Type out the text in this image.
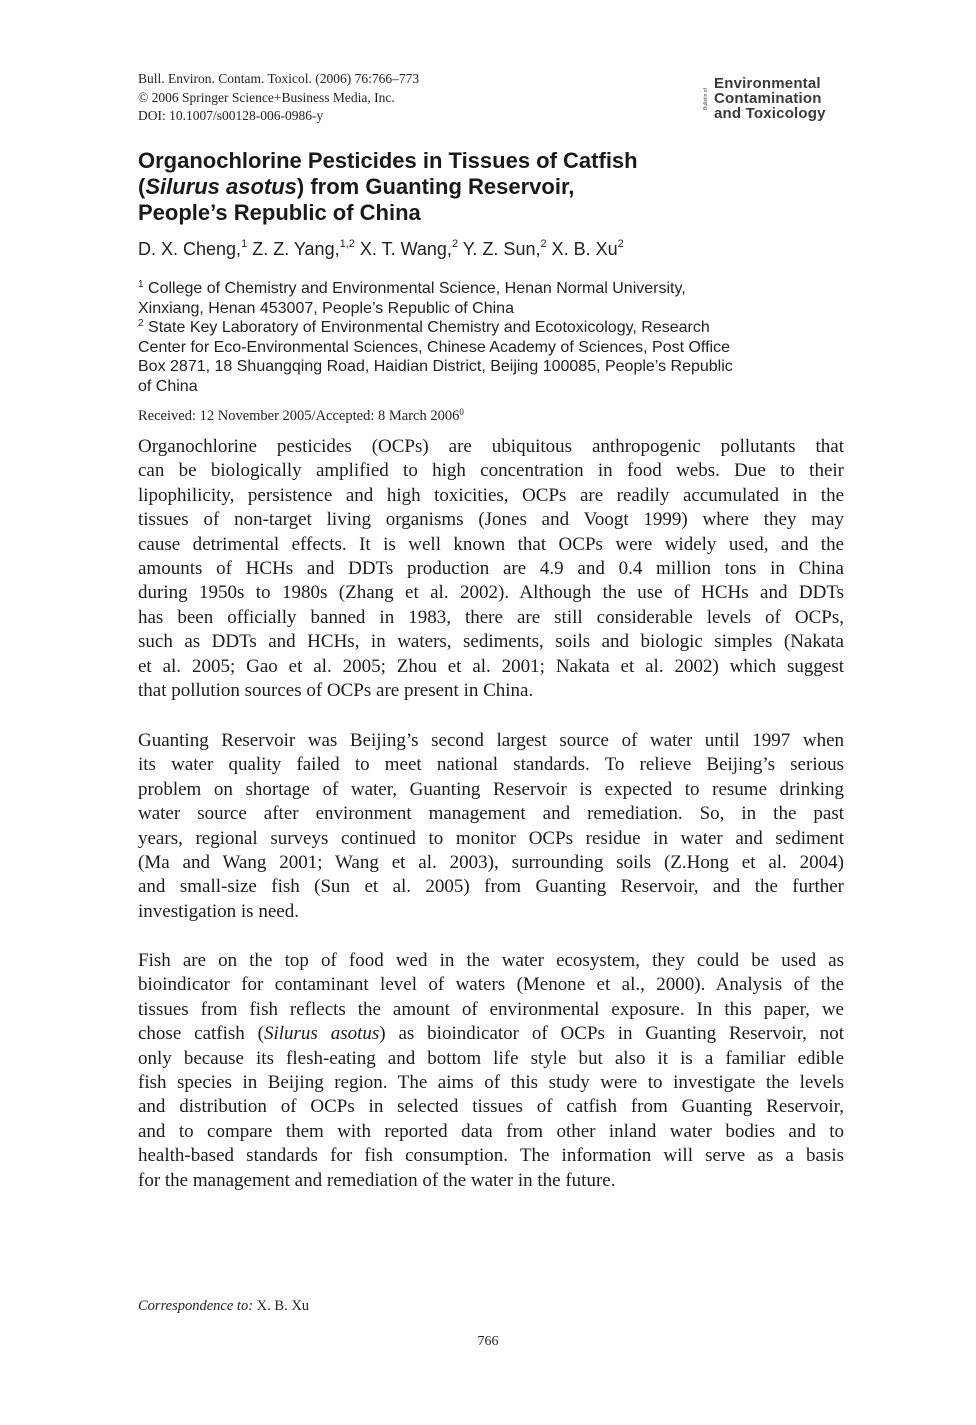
Bull. Environ. Contam. Toxicol. (2006) 76:766–773
© 2006 Springer Science+Business Media, Inc.
DOI: 10.1007/s00128-006-0986-y
Bulletin of
Environmental
Contamination
and Toxicology
Organochlorine Pesticides in Tissues of Catfish
(Silurus asotus) from Guanting Reservoir,
People’s Republic of China
D. X. Cheng,$^1$ Z. Z. Yang,$^{1,2}$ X. T. Wang,$^2$ Y. Z. Sun,$^2$ X. B. Xu$^2$
$^1$ College of Chemistry and Environmental Science, Henan Normal University,
Xinxiang, Henan 453007, People’s Republic of China
$^2$ State Key Laboratory of Environmental Chemistry and Ecotoxicology, Research
Center for Eco-Environmental Sciences, Chinese Academy of Sciences, Post Office
Box 2871, 18 Shuangqing Road, Haidian District, Beijing 100085, People’s Republic
of China
Received: 12 November 2005/Accepted: 8 March 2006$^0$
Organochlorine pesticides (OCPs) are ubiquitous anthropogenic pollutants that
can be biologically amplified to high concentration in food webs. Due to their
lipophilicity, persistence and high toxicities, OCPs are readily accumulated in the
tissues of non-target living organisms (Jones and Voogt 1999) where they may
cause detrimental effects. It is well known that OCPs were widely used, and the
amounts of HCHs and DDTs production are 4.9 and 0.4 million tons in China
during 1950s to 1980s (Zhang et al. 2002). Although the use of HCHs and DDTs
has been officially banned in 1983, there are still considerable levels of OCPs,
such as DDTs and HCHs, in waters, sediments, soils and biologic simples (Nakata
et al. 2005; Gao et al. 2005; Zhou et al. 2001; Nakata et al. 2002) which suggest
that pollution sources of OCPs are present in China.
Guanting Reservoir was Beijing’s second largest source of water until 1997 when
its water quality failed to meet national standards. To relieve Beijing’s serious
problem on shortage of water, Guanting Reservoir is expected to resume drinking
water source after environment management and remediation. So, in the past
years, regional surveys continued to monitor OCPs residue in water and sediment
(Ma and Wang 2001; Wang et al. 2003), surrounding soils (Z.Hong et al. 2004)
and small-size fish (Sun et al. 2005) from Guanting Reservoir, and the further
investigation is need.
Fish are on the top of food wed in the water ecosystem, they could be used as
bioindicator for contaminant level of waters (Menone et al., 2000). Analysis of the
tissues from fish reflects the amount of environmental exposure. In this paper, we
chose catfish (Silurus asotus) as bioindicator of OCPs in Guanting Reservoir, not
only because its flesh-eating and bottom life style but also it is a familiar edible
fish species in Beijing region. The aims of this study were to investigate the levels
and distribution of OCPs in selected tissues of catfish from Guanting Reservoir,
and to compare them with reported data from other inland water bodies and to
health-based standards for fish consumption. The information will serve as a basis
for the management and remediation of the water in the future.
Correspondence to: X. B. Xu
766
